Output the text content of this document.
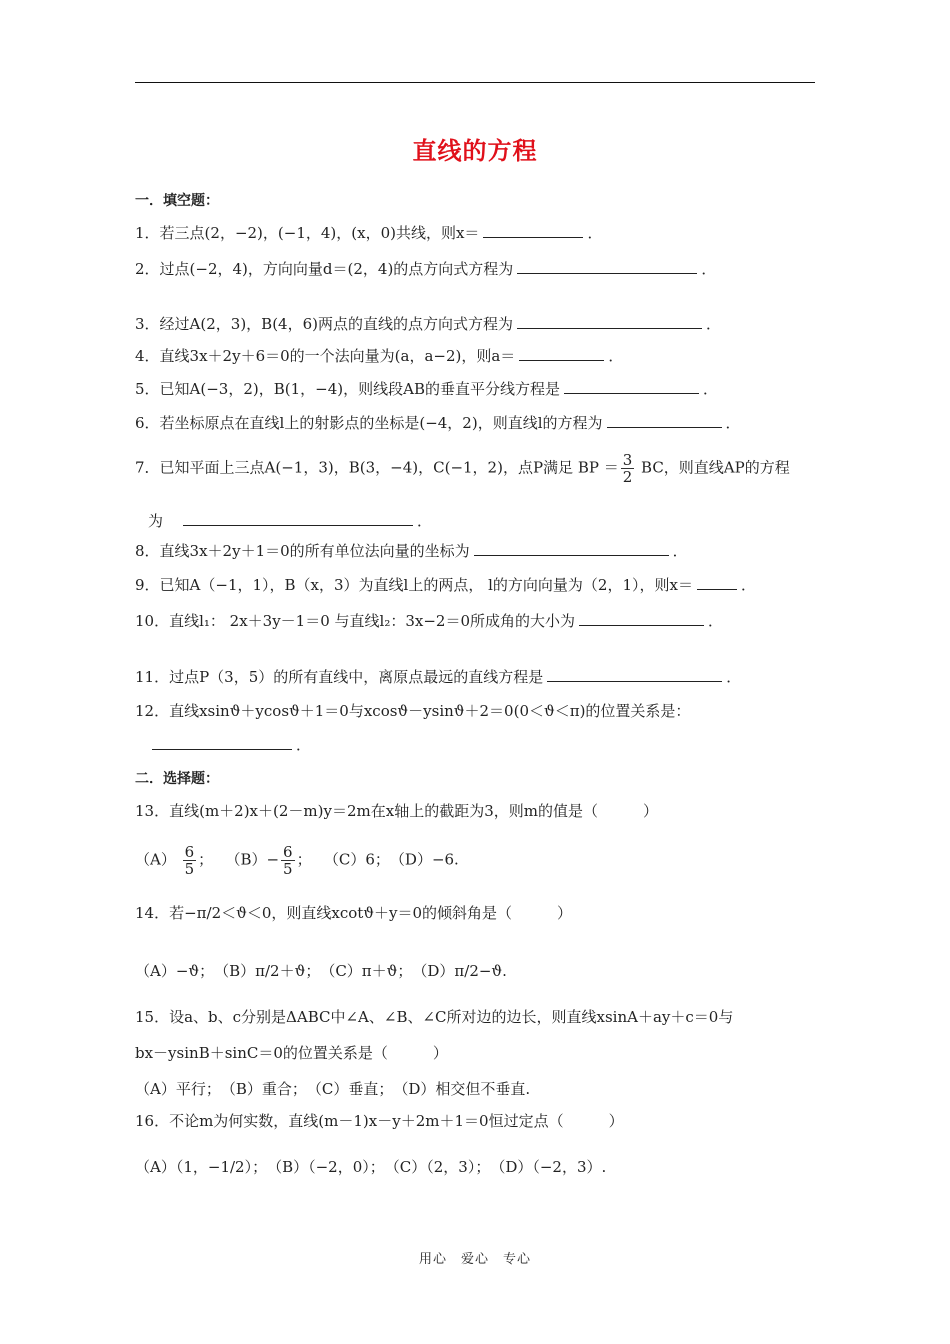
直线的方程
一．填空题：
1．若三点(2，−2)，(−1，4)，(x，0)共线，则x＝	．
2．过点(−2，4)，方向向量d＝(2，4)的点方向式方程为	．
3．经过A(2，3)，B(4，6)两点的直线的点方向式方程为	．
4．直线3x＋2y＋6＝0的一个法向量为(a，a−2)，则a＝	．
5．已知A(−3，2)，B(1，−4)，则线段AB的垂直平分线方程是	．
6．若坐标原点在直线l上的射影点的坐标是(−4，2)，则直线l的方程为	．
7．已知平面上三点A(−1，3)，B(3，−4)，C(−1，2)，点P满足 BP ＝ $\frac{3}{2}$ BC，则直线AP的方程
为	．
8．直线3x＋2y＋1＝0的所有单位法向量的坐标为	．
9．已知A（−1，1），B（x，3）为直线l上的两点， l的方向向量为（2，1），则x＝	．
10．直线l₁： 2x＋3y－1＝0 与直线l₂：3x−2＝0所成角的大小为	．
11．过点P（3，5）的所有直线中，离原点最远的直线方程是	．
12．直线xsinϑ＋ycosϑ＋1＝0与xcosϑ－ysinϑ＋2＝0(0＜ϑ＜π)的位置关系是：
．
二．选择题：
13．直线(m＋2)x＋(2－m)y＝2m在x轴上的截距为3，则m的值是（　　　）
$(A) \frac{6}{5}$ ；　 $(B)- \frac{6}{5}$ ；　 （C）6；　 （D）−6.
14．若−π/2＜ϑ＜0，则直线xcotϑ＋y＝0的倾斜角是（　　　）
（A）−ϑ；　（B）π/2＋ϑ；　（C）π＋ϑ；　（D）π/2−ϑ.
15．设a、b、c分别是ΔABC中∠A、∠B、∠C所对边的边长，则直线xsinA＋ay＋c＝0与
bx－ysinB＋sinC＝0的位置关系是（　　　）
（A）平行；　（B）重合；　（C）垂直；　（D）相交但不垂直.
16．不论m为何实数，直线(m－1)x－y＋2m＋1＝0恒过定点（　　　）
（A）（1，−1/2）；　（B）（−2，0）；　（C）（2，3）；　（D）（−2，3）.
用心　爱心　专心
